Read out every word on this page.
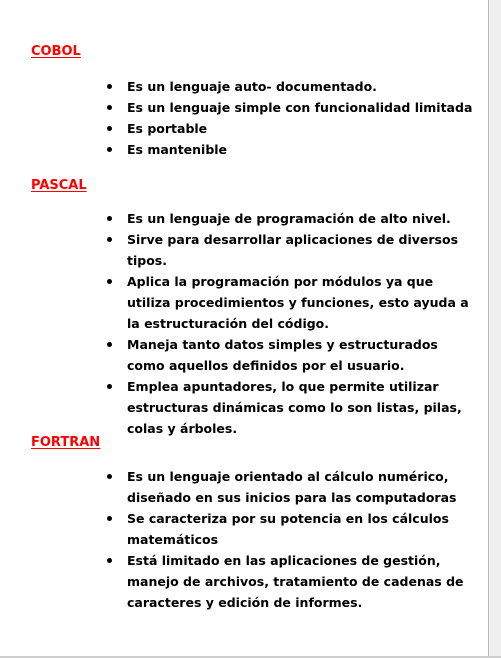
COBOL
Es un lenguaje auto- documentado.
Es un lenguaje simple con funcionalidad limitada
Es portable
Es mantenible
PASCAL
Es un lenguaje de programación de alto nivel.
Sirve para desarrollar aplicaciones de diversos tipos.
Aplica la programación por módulos ya que utiliza procedimientos y funciones, esto ayuda a la estructuración del código.
Maneja tanto datos simples y estructurados como aquellos definidos por el usuario.
Emplea apuntadores, lo que permite utilizar estructuras dinámicas como lo son listas, pilas, colas y árboles.
FORTRAN
Es un lenguaje orientado al cálculo numérico, diseñado en sus inicios para las computadoras
Se caracteriza por su potencia en los cálculos matemáticos
Está limitado en las aplicaciones de gestión, manejo de archivos, tratamiento de cadenas de caracteres y edición de informes.
